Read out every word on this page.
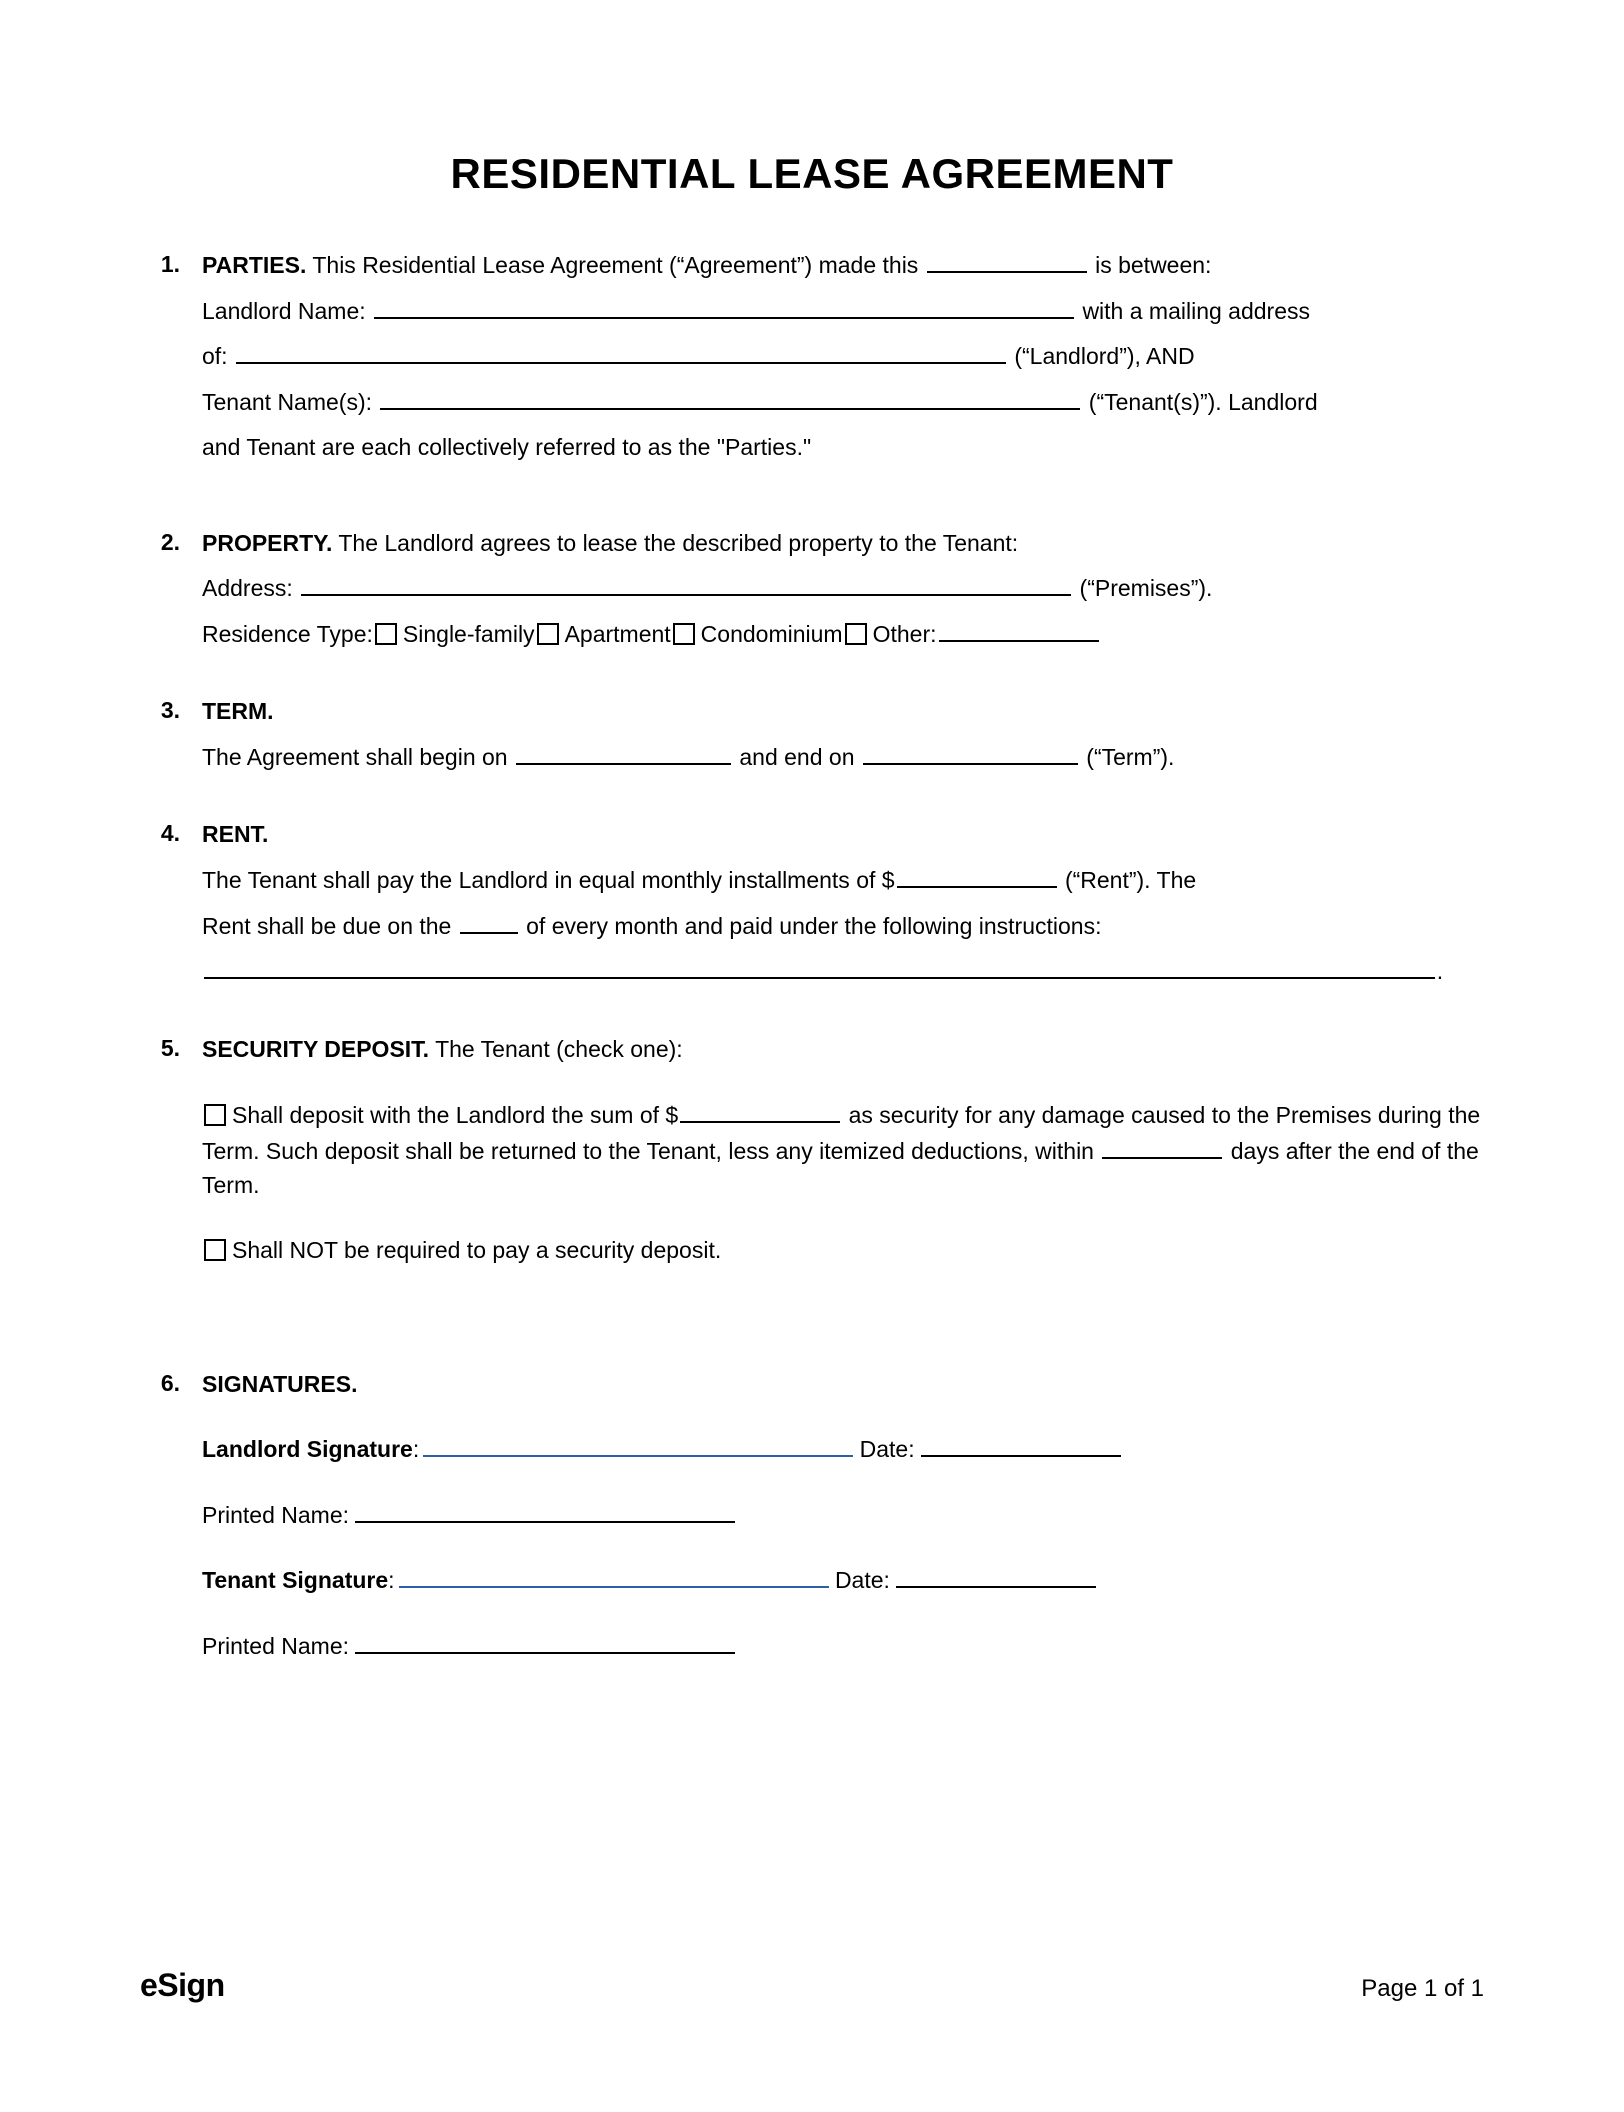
RESIDENTIAL LEASE AGREEMENT
1. PARTIES. This Residential Lease Agreement (“Agreement”) made this	is between:

Landlord Name:	with a mailing address

of:	(“Landlord”), AND

Tenant Name(s):	(“Tenant(s)”). Landlord

and Tenant are each collectively referred to as the "Parties."

2. PROPERTY. The Landlord agrees to lease the described property to the Tenant:

Address:	(“Premises”).

Residence Type: Single-family Apartment Condominium Other:

3. TERM.

The Agreement shall begin on	and end on	(“Term”).

4. RENT.

The Tenant shall pay the Landlord in equal monthly installments of $	(“Rent”). The

Rent shall be due on the	of every month and paid under the following instructions:

.

5. SECURITY DEPOSIT. The Tenant (check one):

Shall deposit with the Landlord the sum of $	as security for any damage caused to the Premises during the Term. Such deposit shall be returned to the Tenant, less any itemized deductions, within	days after the end of the Term.

Shall NOT be required to pay a security deposit.

6. SIGNATURES.

Landlord Signature:	Date:
Printed Name:
Tenant Signature:	Date:
Printed Name:
eSign	Page 1 of 1
